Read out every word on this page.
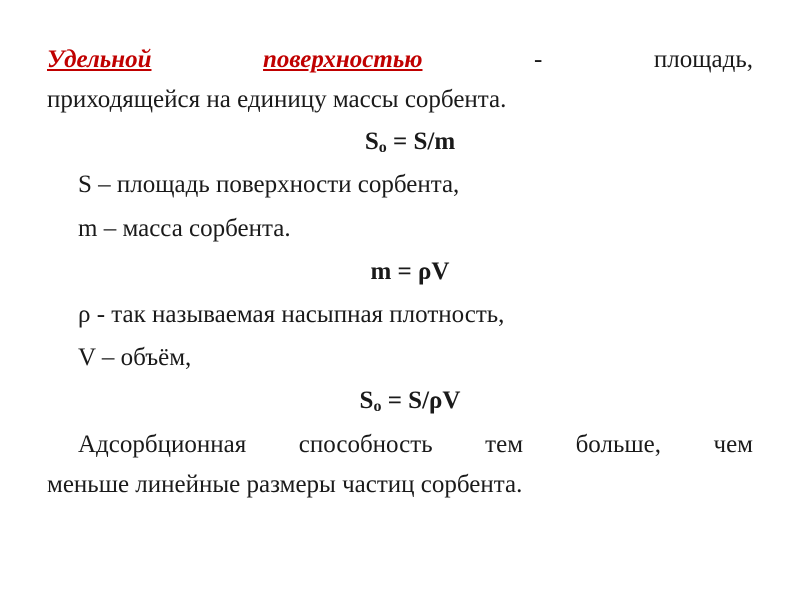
Удельной	поверхностью	-	площадь,
приходящейся на единицу массы сорбента.
Sо = S/m
S – площадь поверхности сорбента,
m – масса сорбента.
m = ρV
ρ - так называемая насыпная плотность,
V – объём,
Sо = S/ρV
Адсорбционная способность тем больше, чем
меньше линейные размеры частиц сорбента.
